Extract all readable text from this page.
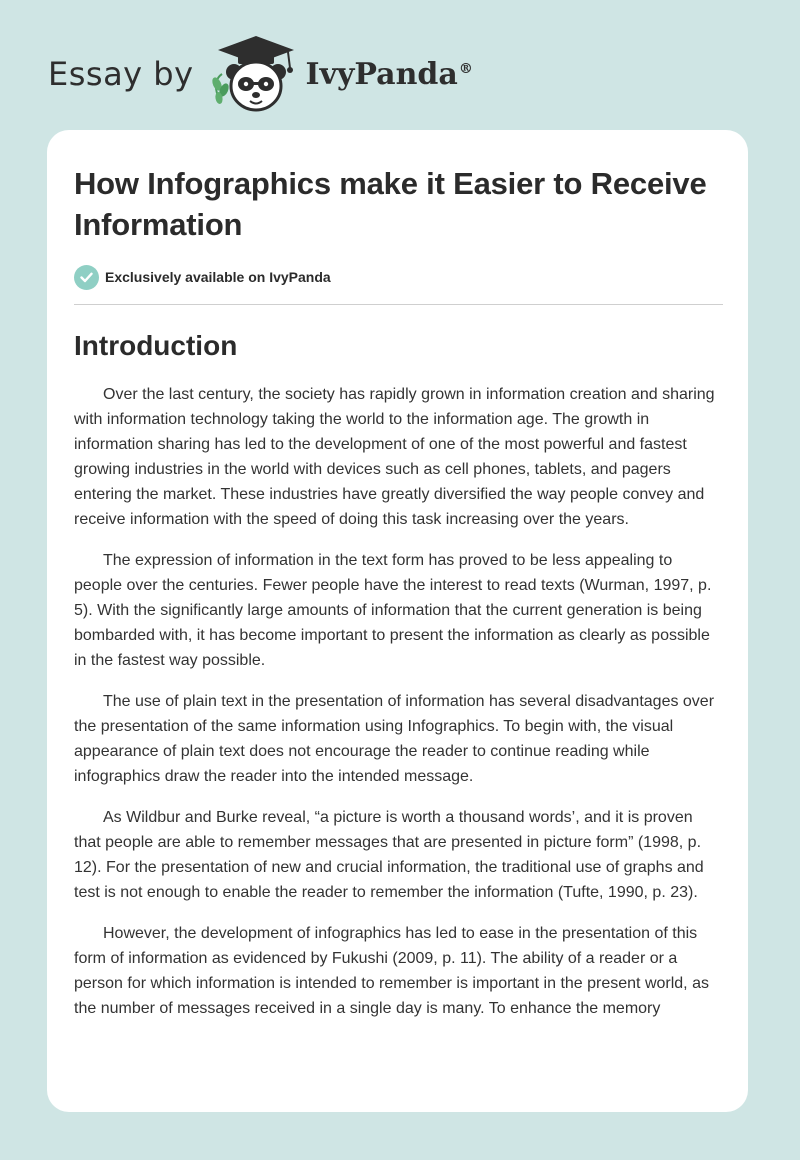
Essay by	IvyPanda®
How Infographics make it Easier to Receive Information
Exclusively available on IvyPanda
Introduction

Over the last century, the society has rapidly grown in information creation and sharing with information technology taking the world to the information age. The growth in information sharing has led to the development of one of the most powerful and fastest growing industries in the world with devices such as cell phones, tablets, and pagers entering the market. These industries have greatly diversified the way people convey and receive information with the speed of doing this task increasing over the years.

The expression of information in the text form has proved to be less appealing to people over the centuries. Fewer people have the interest to read texts (Wurman, 1997, p. 5). With the significantly large amounts of information that the current generation is being bombarded with, it has become important to present the information as clearly as possible in the fastest way possible.

The use of plain text in the presentation of information has several disadvantages over the presentation of the same information using Infographics. To begin with, the visual appearance of plain text does not encourage the reader to continue reading while infographics draw the reader into the intended message.

As Wildbur and Burke reveal, “a picture is worth a thousand words’, and it is proven that people are able to remember messages that are presented in picture form” (1998, p. 12). For the presentation of new and crucial information, the traditional use of graphs and test is not enough to enable the reader to remember the information (Tufte, 1990, p. 23).

However, the development of infographics has led to ease in the presentation of this form of information as evidenced by Fukushi (2009, p. 11). The ability of a reader or a person for which information is intended to remember is important in the present world, as the number of messages received in a single day is many. To enhance the memory
